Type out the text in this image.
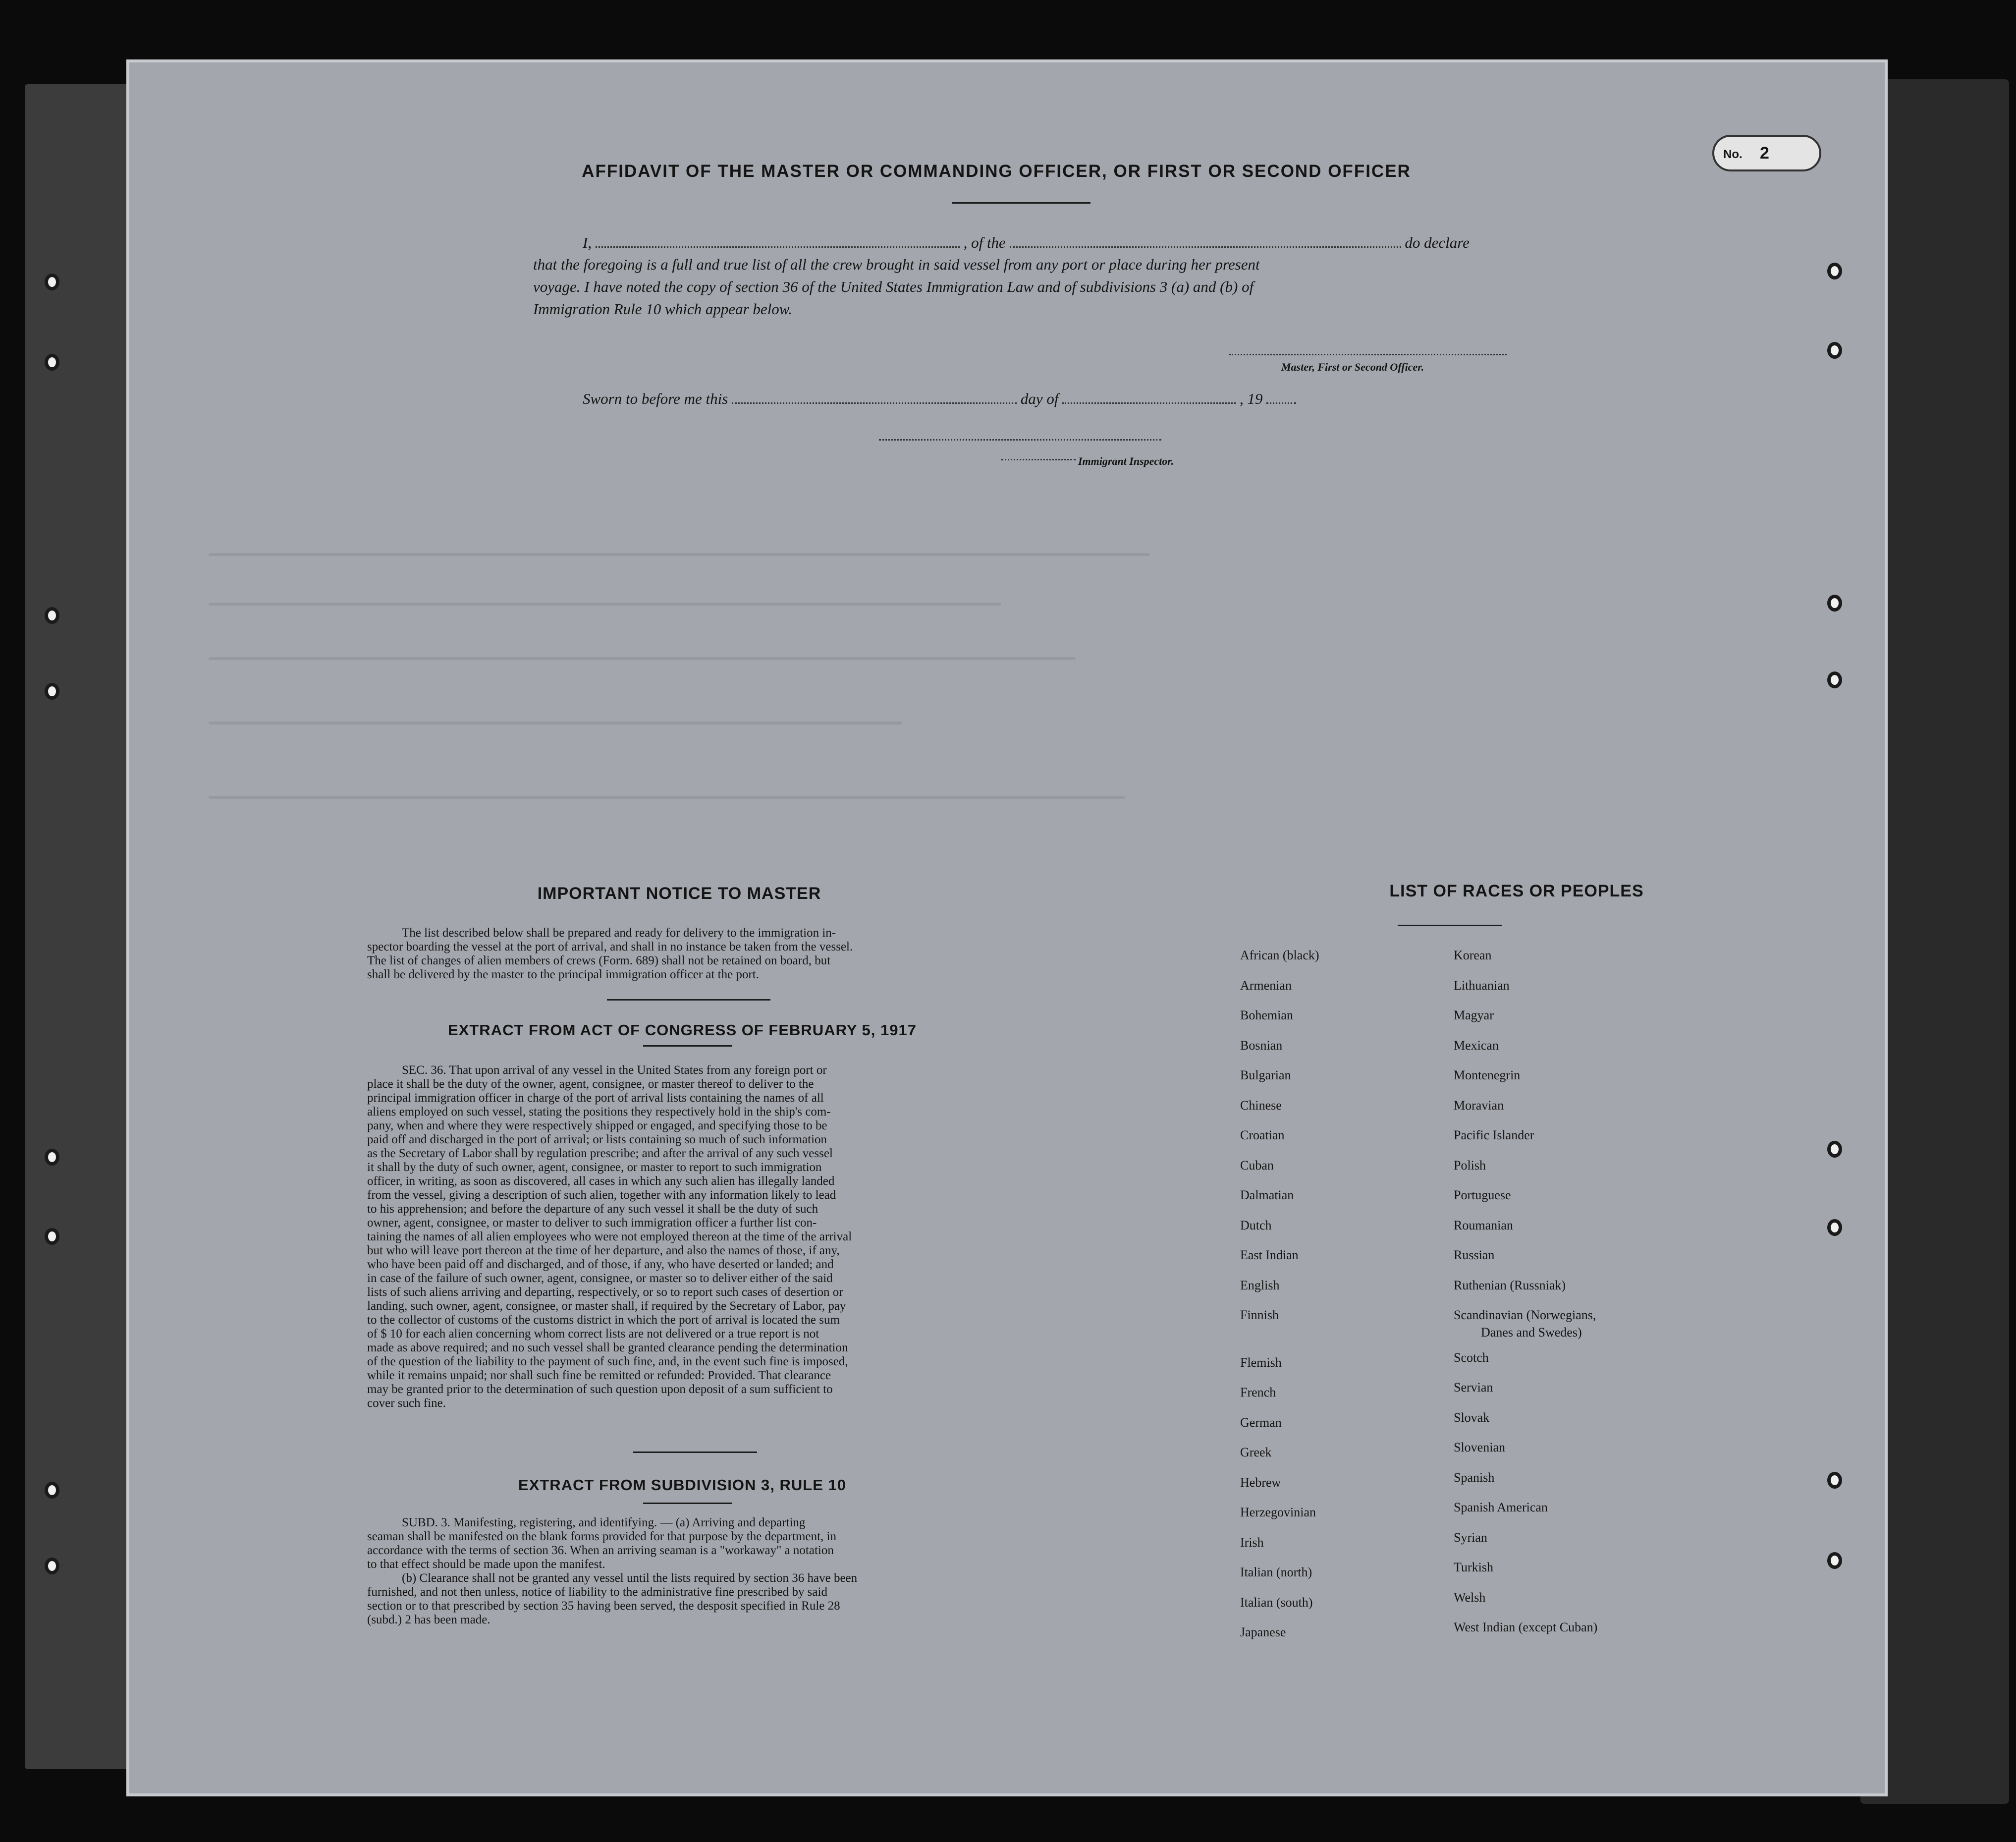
No. 2
AFFIDAVIT OF THE MASTER OR COMMANDING OFFICER, OR FIRST OR SECOND OFFICER
I,	, of the	do declare
that the foregoing is a full and true list of all the crew brought in said vessel from any port or place during her present
voyage. I have noted the copy of section 36 of the United States Immigration Law and of subdivisions 3 (a) and (b) of
Immigration Rule 10 which appear below.
Master, First or Second Officer.
Sworn to before me this	day of	, 19
Immigrant Inspector.
IMPORTANT NOTICE TO MASTER
The list described below shall be prepared and ready for delivery to the immigration in-
spector boarding the vessel at the port of arrival, and shall in no instance be taken from the vessel.
The list of changes of alien members of crews (Form. 689) shall not be retained on board, but
shall be delivered by the master to the principal immigration officer at the port.
EXTRACT FROM ACT OF CONGRESS OF FEBRUARY 5, 1917
SEC. 36. That upon arrival of any vessel in the United States from any foreign port or
place it shall be the duty of the owner, agent, consignee, or master thereof to deliver to the
principal immigration officer in charge of the port of arrival lists containing the names of all
aliens employed on such vessel, stating the positions they respectively hold in the ship's com-
pany, when and where they were respectively shipped or engaged, and specifying those to be
paid off and discharged in the port of arrival; or lists containing so much of such information
as the Secretary of Labor shall by regulation prescribe; and after the arrival of any such vessel
it shall by the duty of such owner, agent, consignee, or master to report to such immigration
officer, in writing, as soon as discovered, all cases in which any such alien has illegally landed
from the vessel, giving a description of such alien, together with any information likely to lead
to his apprehension; and before the departure of any such vessel it shall be the duty of such
owner, agent, consignee, or master to deliver to such immigration officer a further list con-
taining the names of all alien employees who were not employed thereon at the time of the arrival
but who will leave port thereon at the time of her departure, and also the names of those, if any,
who have been paid off and discharged, and of those, if any, who have deserted or landed; and
in case of the failure of such owner, agent, consignee, or master so to deliver either of the said
lists of such aliens arriving and departing, respectively, or so to report such cases of desertion or
landing, such owner, agent, consignee, or master shall, if required by the Secretary of Labor, pay
to the collector of customs of the customs district in which the port of arrival is located the sum
of $ 10 for each alien concerning whom correct lists are not delivered or a true report is not
made as above required; and no such vessel shall be granted clearance pending the determination
of the question of the liability to the payment of such fine, and, in the event such fine is imposed,
while it remains unpaid; nor shall such fine be remitted or refunded: Provided. That clearance
may be granted prior to the determination of such question upon deposit of a sum sufficient to
cover such fine.
EXTRACT FROM SUBDIVISION 3, RULE 10
SUBD. 3. Manifesting, registering, and identifying. — (a) Arriving and departing
seaman shall be manifested on the blank forms provided for that purpose by the department, in
accordance with the terms of section 36. When an arriving seaman is a "workaway" a notation
to that effect should be made upon the manifest.
(b) Clearance shall not be granted any vessel until the lists required by section 36 have been
furnished, and not then unless, notice of liability to the administrative fine prescribed by said
section or to that prescribed by section 35 having been served, the desposit specified in Rule 28
(subd.) 2 has been made.
LIST OF RACES OR PEOPLES
African (black)
Armenian
Bohemian
Bosnian
Bulgarian
Chinese
Croatian
Cuban
Dalmatian
Dutch
East Indian
English
Finnish
Flemish
French
German
Greek
Hebrew
Herzegovinian
Irish
Italian (north)
Italian (south)
Japanese
Korean
Lithuanian
Magyar
Mexican
Montenegrin
Moravian
Pacific Islander
Polish
Portuguese
Roumanian
Russian
Ruthenian (Russniak)
Scandinavian (Norwegians,
Danes and Swedes)
Scotch
Servian
Slovak
Slovenian
Spanish
Spanish American
Syrian
Turkish
Welsh
West Indian (except Cuban)
